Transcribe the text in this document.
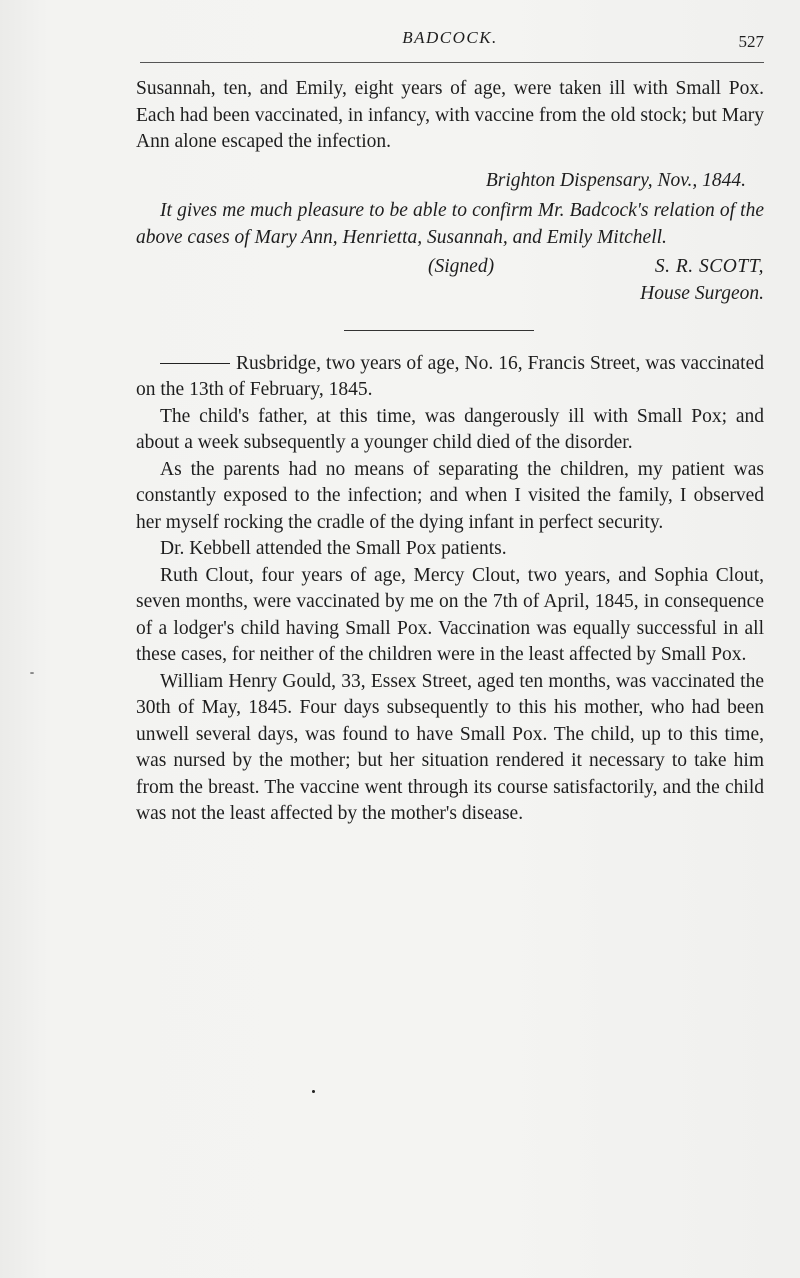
BADCOCK.	527

Susannah, ten, and Emily, eight years of age, were taken ill with Small Pox. Each had been vaccinated, in infancy, with vaccine from the old stock; but Mary Ann alone escaped the infection.

Brighton Dispensary, Nov., 1844.

It gives me much pleasure to be able to confirm Mr. Badcock's relation of the above cases of Mary Ann, Henrietta, Susannah, and Emily Mitchell.

(Signed)	S. R. SCOTT,

House Surgeon.

Rusbridge, two years of age, No. 16, Francis Street, was vaccinated on the 13th of February, 1845.

The child's father, at this time, was dangerously ill with Small Pox; and about a week subsequently a younger child died of the disorder.

As the parents had no means of separating the children, my patient was constantly exposed to the infection; and when I visited the family, I observed her myself rocking the cradle of the dying infant in perfect security.

Dr. Kebbell attended the Small Pox patients.

Ruth Clout, four years of age, Mercy Clout, two years, and Sophia Clout, seven months, were vaccinated by me on the 7th of April, 1845, in consequence of a lodger's child having Small Pox. Vaccination was equally successful in all these cases, for neither of the children were in the least affected by Small Pox.

William Henry Gould, 33, Essex Street, aged ten months, was vaccinated the 30th of May, 1845. Four days subsequently to this his mother, who had been unwell several days, was found to have Small Pox. The child, up to this time, was nursed by the mother; but her situation rendered it necessary to take him from the breast. The vaccine went through its course satisfactorily, and the child was not the least affected by the mother's disease.
